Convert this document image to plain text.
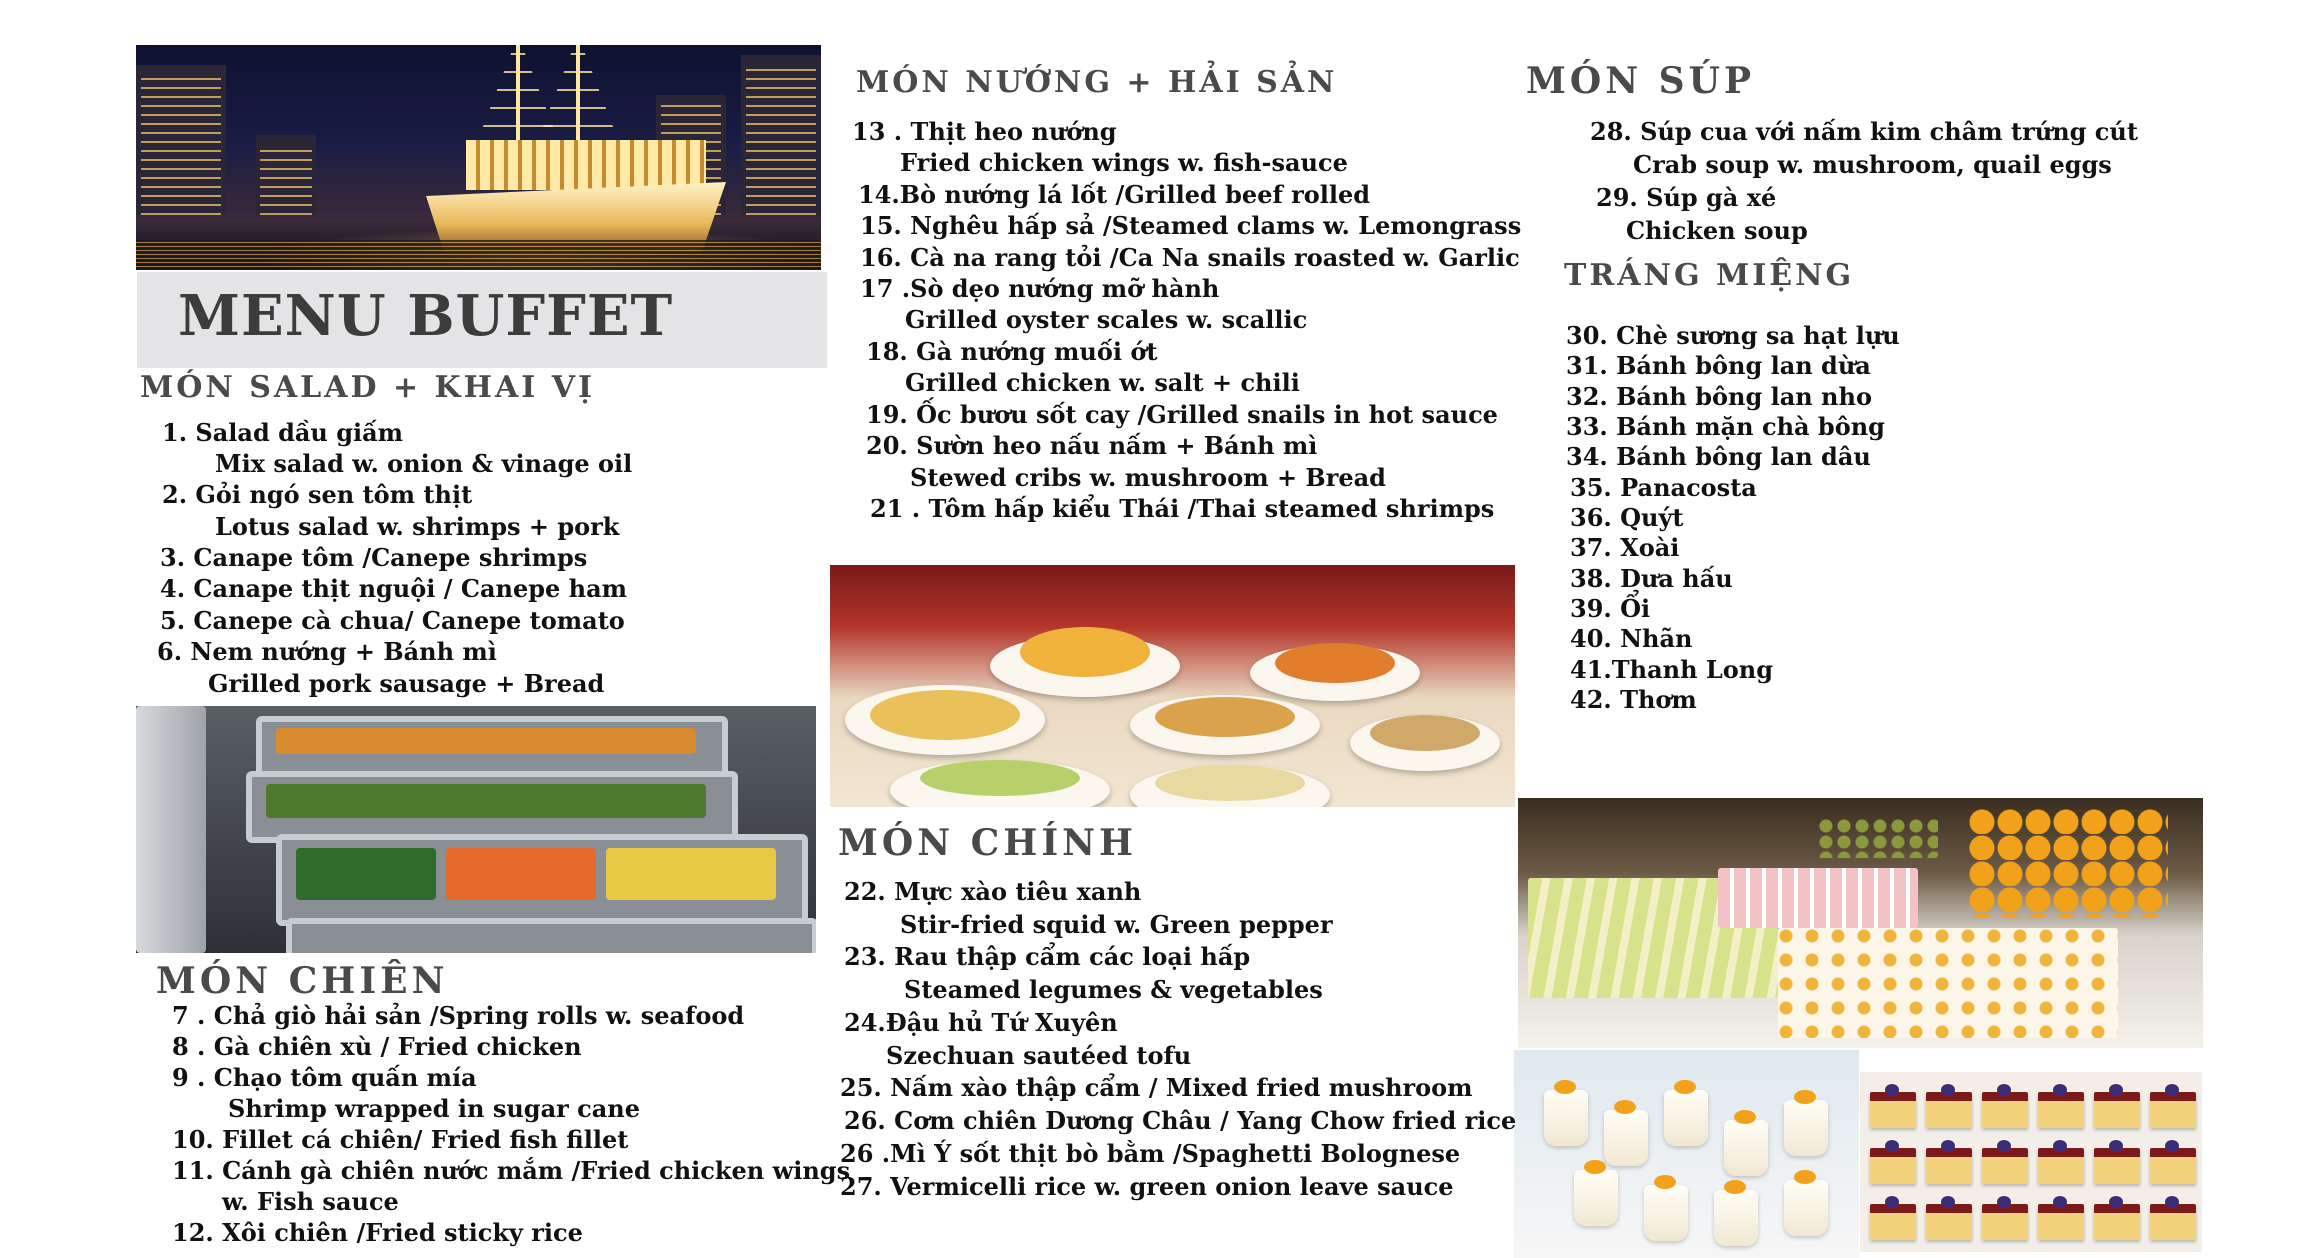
MENU BUFFET
MÓN SALAD + KHAI VỊ
1. Salad dầu giấm
Mix salad w. onion & vinage oil
2. Gỏi ngó sen tôm thịt
Lotus salad w. shrimps + pork
3. Canape tôm /Canepe shrimps
4. Canape thịt nguội / Canepe ham
5. Canepe cà chua/ Canepe tomato
6. Nem nướng + Bánh mì
Grilled pork sausage + Bread
MÓN CHIÊN
7 . Chả giò hải sản /Spring rolls w. seafood
8 . Gà chiên xù / Fried chicken
9 . Chạo tôm quấn mía
Shrimp wrapped in sugar cane
10. Fillet cá chiên/ Fried fish fillet
11. Cánh gà chiên nước mắm /Fried chicken wings
w. Fish sauce
12. Xôi chiên /Fried sticky rice
MÓN NƯỚNG + HẢI SẢN
13 . Thịt heo nướng
Fried chicken wings w. fish-sauce
14.Bò nướng lá lốt /Grilled beef rolled
15. Nghêu hấp sả /Steamed clams w. Lemongrass
16. Cà na rang tỏi /Ca Na snails roasted w. Garlic
17 .Sò dẹo nướng mỡ hành
Grilled oyster scales w. scallic
18. Gà nướng muối ớt
Grilled chicken w. salt + chili
19. Ốc bươu sốt cay /Grilled snails in hot sauce
20. Sườn heo nấu nấm + Bánh mì
Stewed cribs w. mushroom + Bread
21 . Tôm hấp kiểu Thái /Thai steamed shrimps
MÓN CHÍNH
22. Mực xào tiêu xanh
Stir-fried squid w. Green pepper
23. Rau thập cẩm các loại hấp
Steamed legumes & vegetables
24.Đậu hủ Tứ Xuyên
Szechuan sautéed tofu
25. Nấm xào thập cẩm / Mixed fried mushroom
26. Cơm chiên Dương Châu / Yang Chow fried rice
26 .Mì Ý sốt thịt bò bằm /Spaghetti Bolognese
27. Vermicelli rice w. green onion leave sauce
MÓN SÚP
28. Súp cua với nấm kim châm trứng cút
Crab soup w. mushroom, quail eggs
29. Súp gà xé
Chicken soup
TRÁNG MIỆNG
30. Chè sương sa hạt lựu
31. Bánh bông lan dừa
32. Bánh bông lan nho
33. Bánh mặn chà bông
34. Bánh bông lan dâu
35. Panacosta
36. Quýt
37. Xoài
38. Dưa hấu
39. Ổi
40. Nhãn
41.Thanh Long
42. Thơm
